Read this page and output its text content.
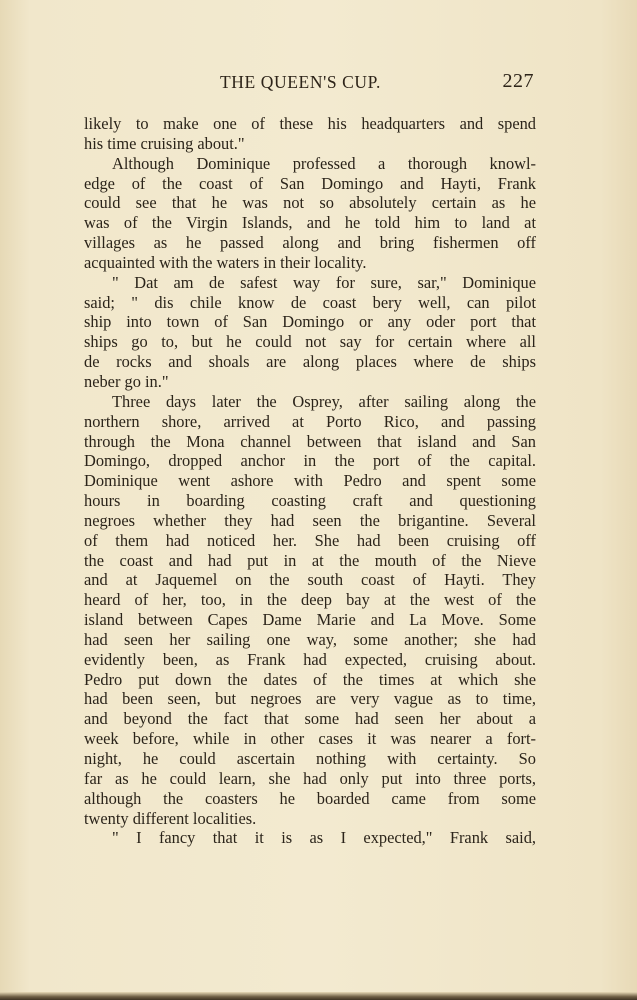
THE QUEEN'S CUP.	227
likely to make one of these his headquarters and spend
his time cruising about."
Although Dominique professed a thorough knowl-
edge of the coast of San Domingo and Hayti, Frank
could see that he was not so absolutely certain as he
was of the Virgin Islands, and he told him to land at
villages as he passed along and bring fishermen off
acquainted with the waters in their locality.
" Dat am de safest way for sure, sar," Dominique
said; " dis chile know de coast bery well, can pilot
ship into town of San Domingo or any oder port that
ships go to, but he could not say for certain where all
de rocks and shoals are along places where de ships
neber go in."
Three days later the Osprey, after sailing along the
northern shore, arrived at Porto Rico, and passing
through the Mona channel between that island and San
Domingo, dropped anchor in the port of the capital.
Dominique went ashore with Pedro and spent some
hours in boarding coasting craft and questioning
negroes whether they had seen the brigantine. Several
of them had noticed her. She had been cruising off
the coast and had put in at the mouth of the Nieve
and at Jaquemel on the south coast of Hayti. They
heard of her, too, in the deep bay at the west of the
island between Capes Dame Marie and La Move. Some
had seen her sailing one way, some another; she had
evidently been, as Frank had expected, cruising about.
Pedro put down the dates of the times at which she
had been seen, but negroes are very vague as to time,
and beyond the fact that some had seen her about a
week before, while in other cases it was nearer a fort-
night, he could ascertain nothing with certainty. So
far as he could learn, she had only put into three ports,
although the coasters he boarded came from some
twenty different localities.
" I fancy that it is as I expected," Frank said,
